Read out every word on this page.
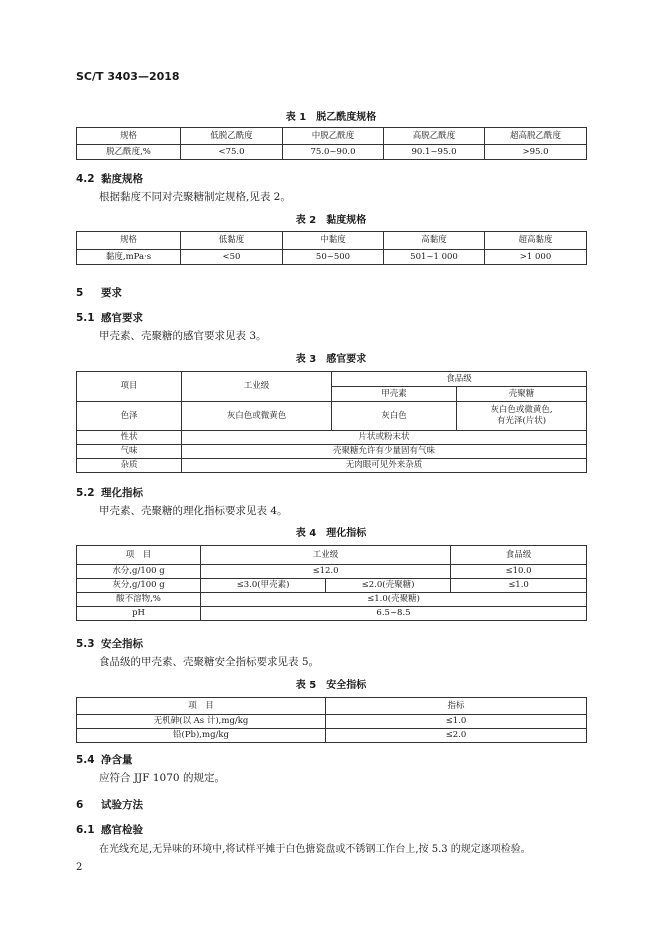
SC/T 3403—2018
表 1　脱乙酰度规格
规格	低脱乙酰度	中脱乙酰度	高脱乙酰度	超高脱乙酰度
脱乙酰度,%	<75.0	75.0~90.0	90.1~95.0	>95.0
4.2 黏度规格
根据黏度不同对壳聚糖制定规格,见表 2。
表 2　黏度规格
规格	低黏度	中黏度	高黏度	超高黏度
黏度,mPa·s	<50	50~500	501~1 000	>1 000
5 要求
5.1 感官要求
甲壳素、壳聚糖的感官要求见表 3。
表 3　感官要求
项目	工业级	食品级	
		甲壳素	壳聚糖
色泽	灰白色或微黄色	灰白色	灰白色或微黄色,
有光泽(片状)

性状	片状或粉末状		
气味	壳聚糖允许有少量固有气味		
杂质	无肉眼可见外来杂质		
5.2 理化指标
甲壳素、壳聚糖的理化指标要求见表 4。
表 4　理化指标
项　目	工业级		食品级
水分,g/100 g	≤12.0		≤10.0
灰分,g/100 g	≤3.0(甲壳素)	≤2.0(壳聚糖)	≤1.0
酸不溶物,%	≤1.0(壳聚糖)		
pH	6.5~8.5		
5.3 安全指标
食品级的甲壳素、壳聚糖安全指标要求见表 5。
表 5　安全指标
项　目	指标
无机砷(以 As 计),mg/kg	≤1.0
铅(Pb),mg/kg	≤2.0
5.4 净含量
应符合 JJF 1070 的规定。
6 试验方法
6.1 感官检验
在光线充足,无异味的环境中,将试样平摊于白色搪瓷盘或不锈钢工作台上,按 5.3 的规定逐项检验。
2
